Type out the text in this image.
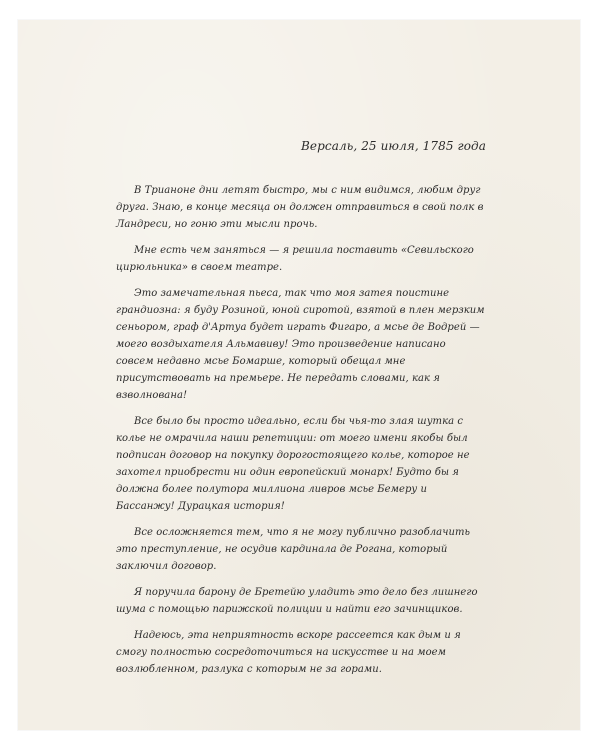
Версаль, 25 июля, 1785 года

В Трианоне дни летят быстро, мы с ним видимся, любим друг друга. Знаю, в конце месяца он должен отправиться в свой полк в Ландреси, но гоню эти мысли прочь.

Мне есть чем заняться — я решила поставить «Севильского цирюльника» в своем театре.

Это замечательная пьеса, так что моя затея поистине грандиозна: я буду Розиной, юной сиротой, взятой в плен мерзким сеньором, граф д'Артуа будет играть Фигаро, а мсье де Водрей — моего воздыхателя Альмавиву! Это произведение написано совсем недавно мсье Бомарше, который обещал мне присутствовать на премьере. Не передать словами, как я взволнована!

Все было бы просто идеально, если бы чья-то злая шутка с колье не омрачила наши репетиции: от моего имени якобы был подписан договор на покупку дорогостоящего колье, которое не захотел приобрести ни один европейский монарх! Будто бы я должна более полутора миллиона ливров мсье Бемеру и Бассанжу! Дурацкая история!

Все осложняется тем, что я не могу публично разоблачить это преступление, не осудив кардинала де Рогана, который заключил договор.

Я поручила барону де Бретейю уладить это дело без лишнего шума с помощью парижской полиции и найти его зачинщиков.

Надеюсь, эта неприятность вскоре рассеется как дым и я смогу полностью сосредоточиться на искусстве и на моем возлюбленном, разлука с которым не за горами.
